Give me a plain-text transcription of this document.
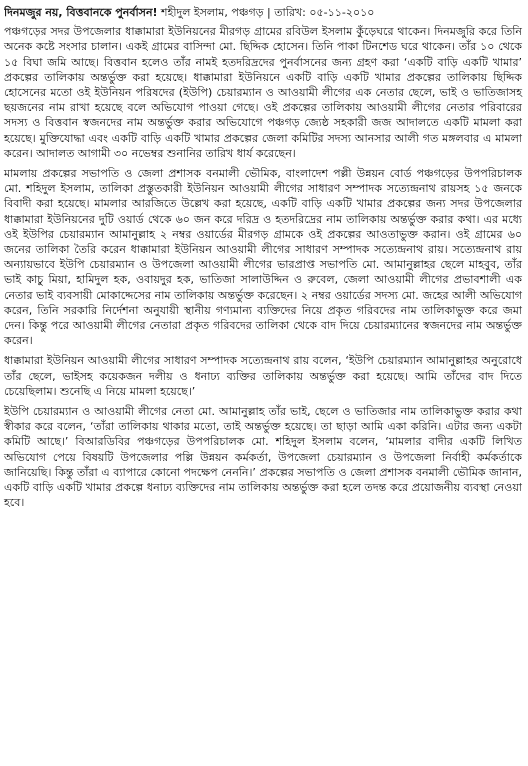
দিনমজুর নয়, বিত্তবানকে পুনর্বাসন! শহীদুল ইসলাম, পঞ্চগড় | তারিখ: ০৫-১১-২০১০

পঞ্চগড়ের সদর উপজেলার ধাক্কামারা ইউনিয়নের মীরগড় গ্রামের রবিউল ইসলাম কুঁড়েঘরে থাকেন। দিনমজুরি করে তিনি অনেক কষ্টে সংসার চালান। একই গ্রামের বাসিন্দা মো. ছিদ্দিক হোসেন। তিনি পাকা টিনশেড ঘরে থাকেন। তাঁর ১০ থেকে ১৫ বিঘা জমি আছে। বিত্তবান হলেও তাঁর নামই হতদরিদ্রদের পুনর্বাসনের জন্য গ্রহণ করা ‘একটি বাড়ি একটি খামার’ প্রকল্পের তালিকায় অন্তর্ভুক্ত করা হয়েছে। ধাক্কামারা ইউনিয়নে একটি বাড়ি একটি খামার প্রকল্পের তালিকায় ছিদ্দিক হোসেনের মতো ওই ইউনিয়ন পরিষদের (ইউপি) চেয়ারম্যান ও আওয়ামী লীগের এক নেতার ছেলে, ভাই ও ভাতিজাসহ ছয়জনের নাম রাখা হয়েছে বলে অভিযোগ পাওয়া গেছে। ওই প্রকল্পের তালিকায় আওয়ামী লীগের নেতার পরিবারের সদস্য ও বিত্তবান স্বজনদের নাম অন্তর্ভুক্ত করার অভিযোগে পঞ্চগড় জ্যেষ্ঠ সহকারী জজ আদালতে একটি মামলা করা হয়েছে। মুক্তিযোদ্ধা এবং একটি বাড়ি একটি খামার প্রকল্পের জেলা কমিটির সদস্য আনসার আলী গত মঙ্গলবার এ মামলা করেন। আদালত আগামী ৩০ নভেম্বর শুনানির তারিখ ধার্য করেছেন।

মামলায় প্রকল্পের সভাপতি ও জেলা প্রশাসক বনমালী ভৌমিক, বাংলাদেশ পল্লী উন্নয়ন বোর্ড পঞ্চগড়ের উপপরিচালক মো. শহিদুল ইসলাম, তালিকা প্রস্তুতকারী ইউনিয়ন আওয়ামী লীগের সাধারণ সম্পাদক সত্যেন্দ্রনাথ রায়সহ ১৫ জনকে বিবাদী করা হয়েছে। মামলার আরজিতে উল্লেখ করা হয়েছে, একটি বাড়ি একটি খামার প্রকল্পের জন্য সদর উপজেলার ধাক্কামারা ইউনিয়নের দুটি ওয়ার্ড থেকে ৬০ জন করে দরিদ্র ও হতদরিদ্রের নাম তালিকায় অন্তর্ভুক্ত করার কথা। এর মধ্যে ওই ইউপির চেয়ারম্যান আমানুল্লাহ ২ নম্বর ওয়ার্ডের মীরগড় গ্রামকে ওই প্রকল্পের আওতাভুক্ত করান। ওই গ্রামের ৬০ জনের তালিকা তৈরি করেন ধাক্কামারা ইউনিয়ন আওয়ামী লীগের সাধারণ সম্পাদক সত্যেন্দ্রনাথ রায়। সত্যেন্দ্রনাথ রায় অন্যায়ভাবে ইউপি চেয়ারম্যান ও উপজেলা আওয়ামী লীগের ভারপ্রাপ্ত সভাপতি মো. আমানুল্লাহর ছেলে মাহবুব, তাঁর ভাই কাচু মিয়া, হামিদুল হক, ওবায়দুর হক, ভাতিজা সালাউদ্দিন ও রুবেল, জেলা আওয়ামী লীগের প্রভাবশালী এক নেতার ভাই ব্যবসায়ী মোকাদ্দেসের নাম তালিকায় অন্তর্ভুক্ত করেছেন। ২ নম্বর ওয়ার্ডের সদস্য মো. জহের আলী অভিযোগ করেন, তিনি সরকারি নির্দেশনা অনুযায়ী স্থানীয় গণ্যমান্য ব্যক্তিদের নিয়ে প্রকৃত গরিবদের নাম তালিকাভুক্ত করে জমা দেন। কিন্তু পরে আওয়ামী লীগের নেতারা প্রকৃত গরিবদের তালিকা থেকে বাদ দিয়ে চেয়ারম্যানের স্বজনদের নাম অন্তর্ভুক্ত করেন।

ধাক্কামারা ইউনিয়ন আওয়ামী লীগের সাধারণ সম্পাদক সত্যেন্দ্রনাথ রায় বলেন, ‘ইউপি চেয়ারম্যান আমানুল্লাহর অনুরোধে তাঁর ছেলে, ভাইসহ কয়েকজন দলীয় ও ধনাঢ্য ব্যক্তির তালিকায় অন্তর্ভুক্ত করা হয়েছে। আমি তাঁদের বাদ দিতে চেয়েছিলাম। শুনেছি এ নিয়ে মামলা হয়েছে।’

ইউপি চেয়ারম্যান ও আওয়ামী লীগের নেতা মো. আমানুল্লাহ তাঁর ভাই, ছেলে ও ভাতিজার নাম তালিকাভুক্ত করার কথা স্বীকার করে বলেন, ‘তাঁরা তালিকায় থাকার মতো, তাই অন্তর্ভুক্ত হয়েছে। তা ছাড়া আমি একা করিনি। এটার জন্য একটা কমিটি আছে।’ বিআরডিবির পঞ্চগড়ের উপপরিচালক মো. শহিদুল ইসলাম বলেন, ‘মামলার বাদীর একটি লিখিত অভিযোগ পেয়ে বিষয়টি উপজেলার পল্লি উন্নয়ন কর্মকর্তা, উপজেলা চেয়ারম্যান ও উপজেলা নির্বাহী কর্মকর্তাকে জানিয়েছি। কিন্তু তাঁরা এ ব্যাপারে কোনো পদক্ষেপ নেননি।’ প্রকল্পের সভাপতি ও জেলা প্রশাসক বনমালী ভৌমিক জানান, একটি বাড়ি একটি খামার প্রকল্পে ধনাঢ্য ব্যক্তিদের নাম তালিকায় অন্তর্ভুক্ত করা হলে তদন্ত করে প্রয়োজনীয় ব্যবস্থা নেওয়া হবে।
